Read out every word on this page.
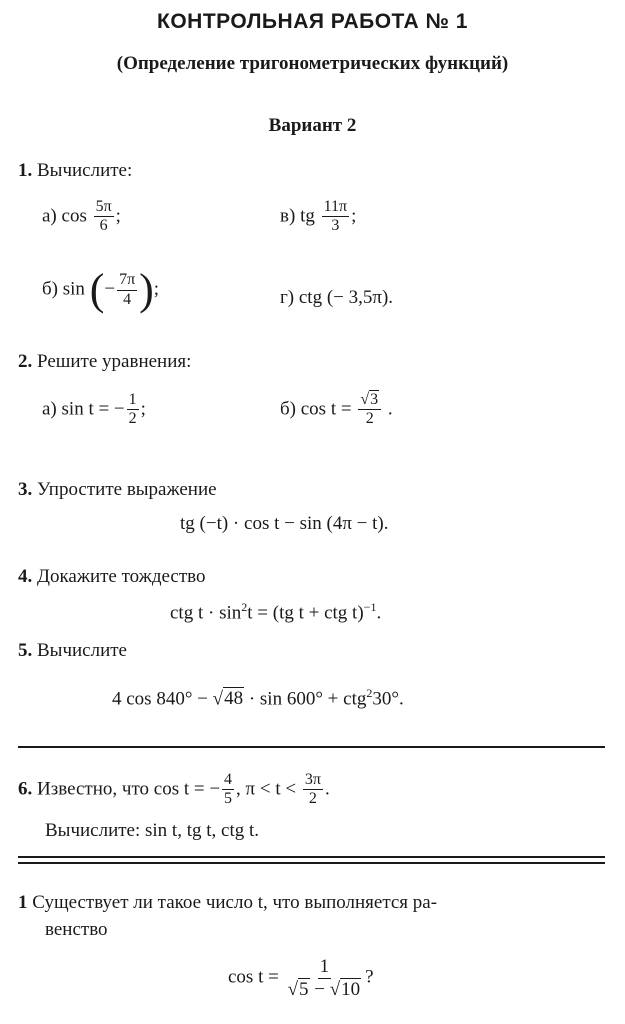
КОНТРОЛЬНАЯ РАБОТА № 1
(Определение тригонометрических функций)
Вариант 2
1. Вычислите:
а) $\cos \frac{5\pi}{6}$ ;	в) tg $\frac{11\pi}{3}$ ;
б) sin (− $\frac{7\pi}{4}$ );	г) ctg (− 3,5π).
2. Решите уравнения:
а) sin t = − $\frac{1}{2}$ ;	б) $\cos t = \frac{√3}{2}$ .
3. Упростите выражение
tg (−t) · cos t − sin (4π − t).
4. Докажите тождество
ctg $t \cdot \sin^2t = (tg$ t + ctg t)$^{-1}$.
5. Вычислите
4 cos 840° − √48 · sin 600° + ctg$^2$30°.
6. Известно, что cos t = − $\frac{4}{5}$ , $\pi < t < \frac{3\pi}{2}$ .
Вычислите: sin t, tg t, ctg t.
1 Существует ли такое число t, что выполняется ра-
венство
$\cos t = \frac{1}{√5 - √10}$ ?
